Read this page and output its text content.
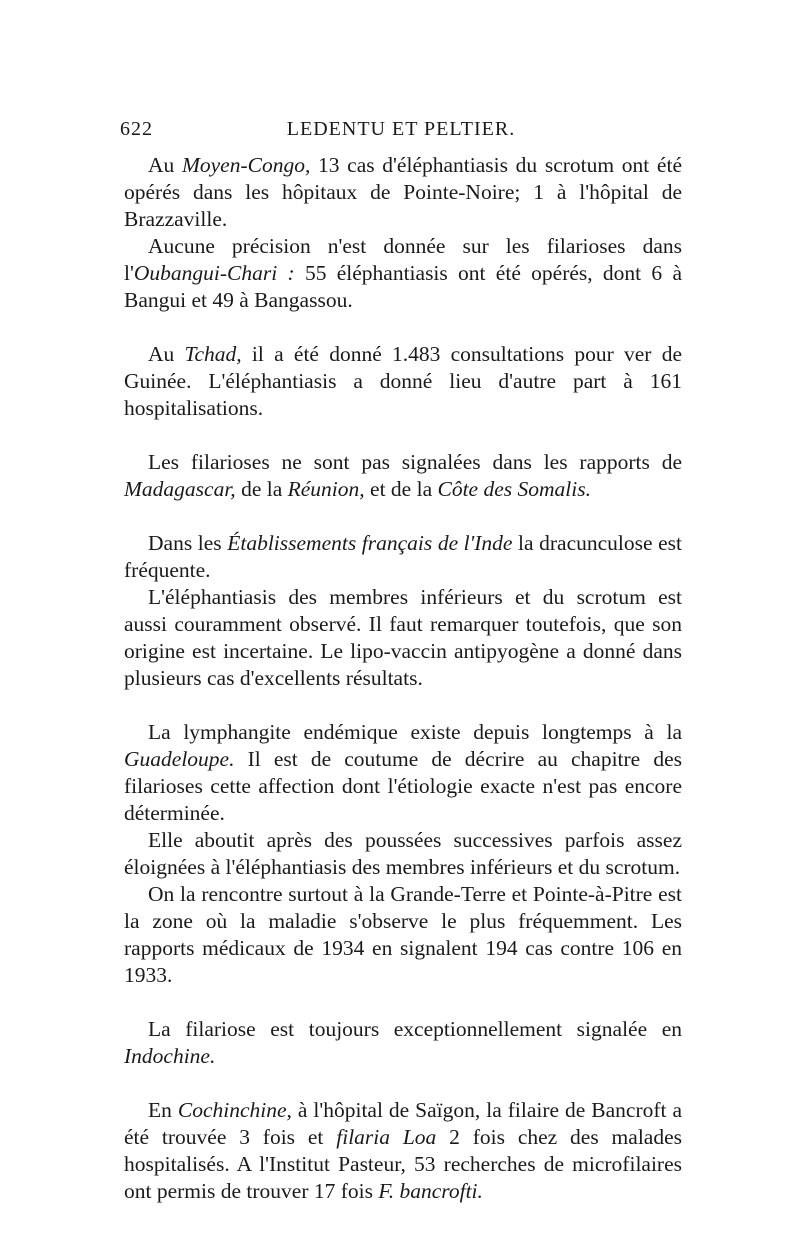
622	LEDENTU ET PELTIER.

Au Moyen-Congo, 13 cas d'éléphantiasis du scrotum ont été opérés dans les hôpitaux de Pointe-Noire; 1 à l'hôpital de Brazzaville.

Aucune précision n'est donnée sur les filarioses dans l'Oubangui-Chari : 55 éléphantiasis ont été opérés, dont 6 à Bangui et 49 à Bangassou.

Au Tchad, il a été donné 1.483 consultations pour ver de Guinée. L'éléphantiasis a donné lieu d'autre part à 161 hospitalisations.

Les filarioses ne sont pas signalées dans les rapports de Madagascar, de la Réunion, et de la Côte des Somalis.

Dans les Établissements français de l'Inde la dracunculose est fréquente.

L'éléphantiasis des membres inférieurs et du scrotum est aussi couramment observé. Il faut remarquer toutefois, que son origine est incertaine. Le lipo-vaccin antipyogène a donné dans plusieurs cas d'excellents résultats.

La lymphangite endémique existe depuis longtemps à la Guadeloupe. Il est de coutume de décrire au chapitre des filarioses cette affection dont l'étiologie exacte n'est pas encore déterminée.

Elle aboutit après des poussées successives parfois assez éloignées à l'éléphantiasis des membres inférieurs et du scrotum.

On la rencontre surtout à la Grande-Terre et Pointe-à-Pitre est la zone où la maladie s'observe le plus fréquemment. Les rapports médicaux de 1934 en signalent 194 cas contre 106 en 1933.

La filariose est toujours exceptionnellement signalée en Indochine.

En Cochinchine, à l'hôpital de Saïgon, la filaire de Bancroft a été trouvée 3 fois et filaria Loa 2 fois chez des malades hospitalisés. A l'Institut Pasteur, 53 recherches de microfilaires ont permis de trouver 17 fois F. bancrofti.
